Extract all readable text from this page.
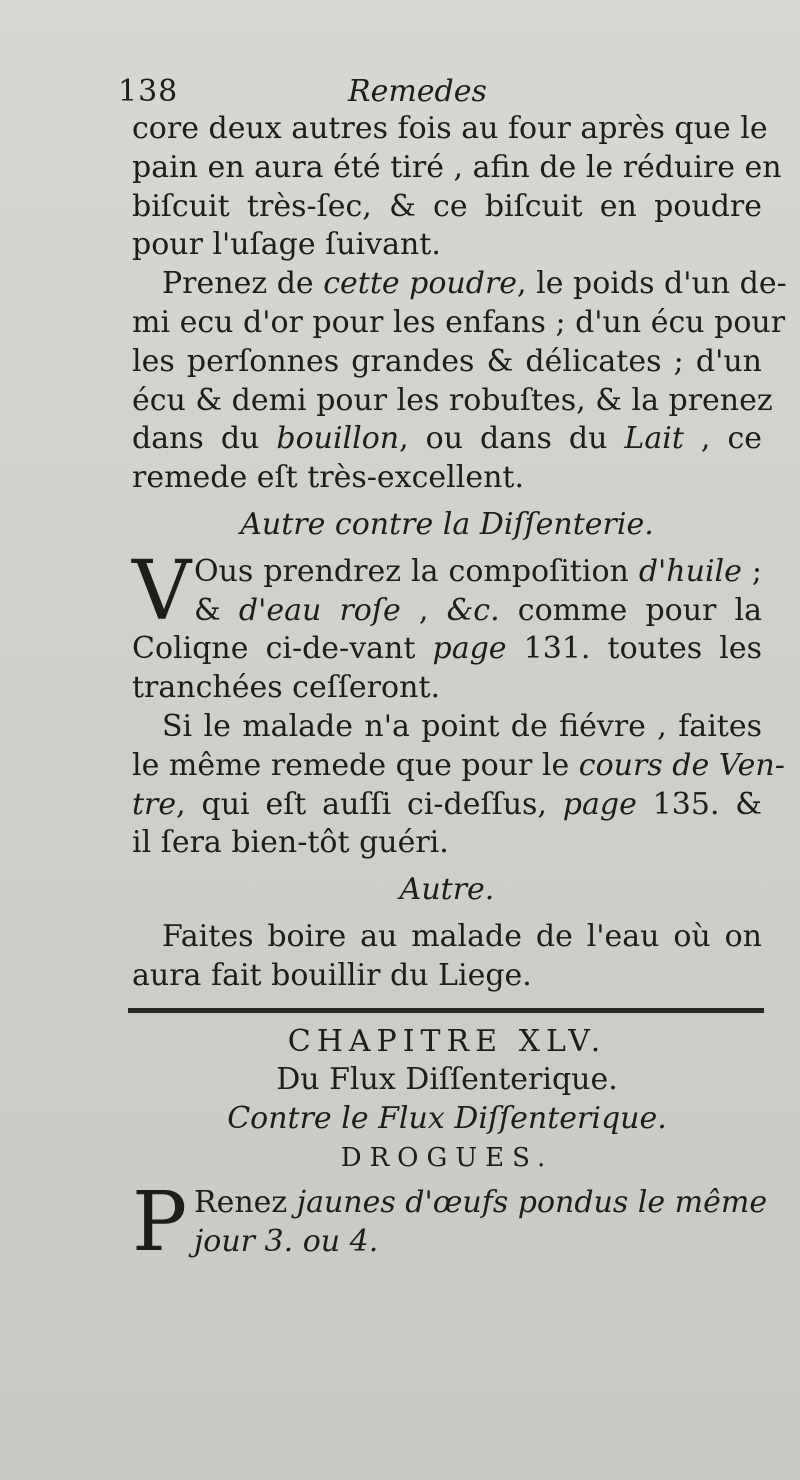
138	Remedes
core deux autres fois au four après que le
pain en aura été tiré , afin de le réduire en
biſcuit très-ſec, & ce biſcuit en poudre
pour l'uſage ſuivant.
Prenez de cette poudre, le poids d'un de-
mi ecu d'or pour les enfans ; d'un écu pour
les perſonnes grandes & délicates ; d'un
écu & demi pour les robuſtes, & la prenez
dans du bouillon, ou dans du Lait , ce
remede eſt très-excellent.
Autre contre la Diſſenterie.
V Ous prendrez la compoſition d'huile ;
& d'eau roſe , &c. comme pour la
Coliqne ci-de-vant page 131. toutes les
tranchées ceſſeront.
Si le malade n'a point de fiévre , faites
le même remede que pour le cours de Ven-
tre, qui eſt auſſi ci-deſſus, page 135. &
il ſera bien-tôt guéri.
Autre.
Faites boire au malade de l'eau où on
aura fait bouillir du Liege.
CHAPITRE XLV.
Du Flux Diſſenterique.
Contre le Flux Diſſenterique.
DROGUES.
P Renez jaunes d'œufs pondus le même
jour 3. ou 4.
